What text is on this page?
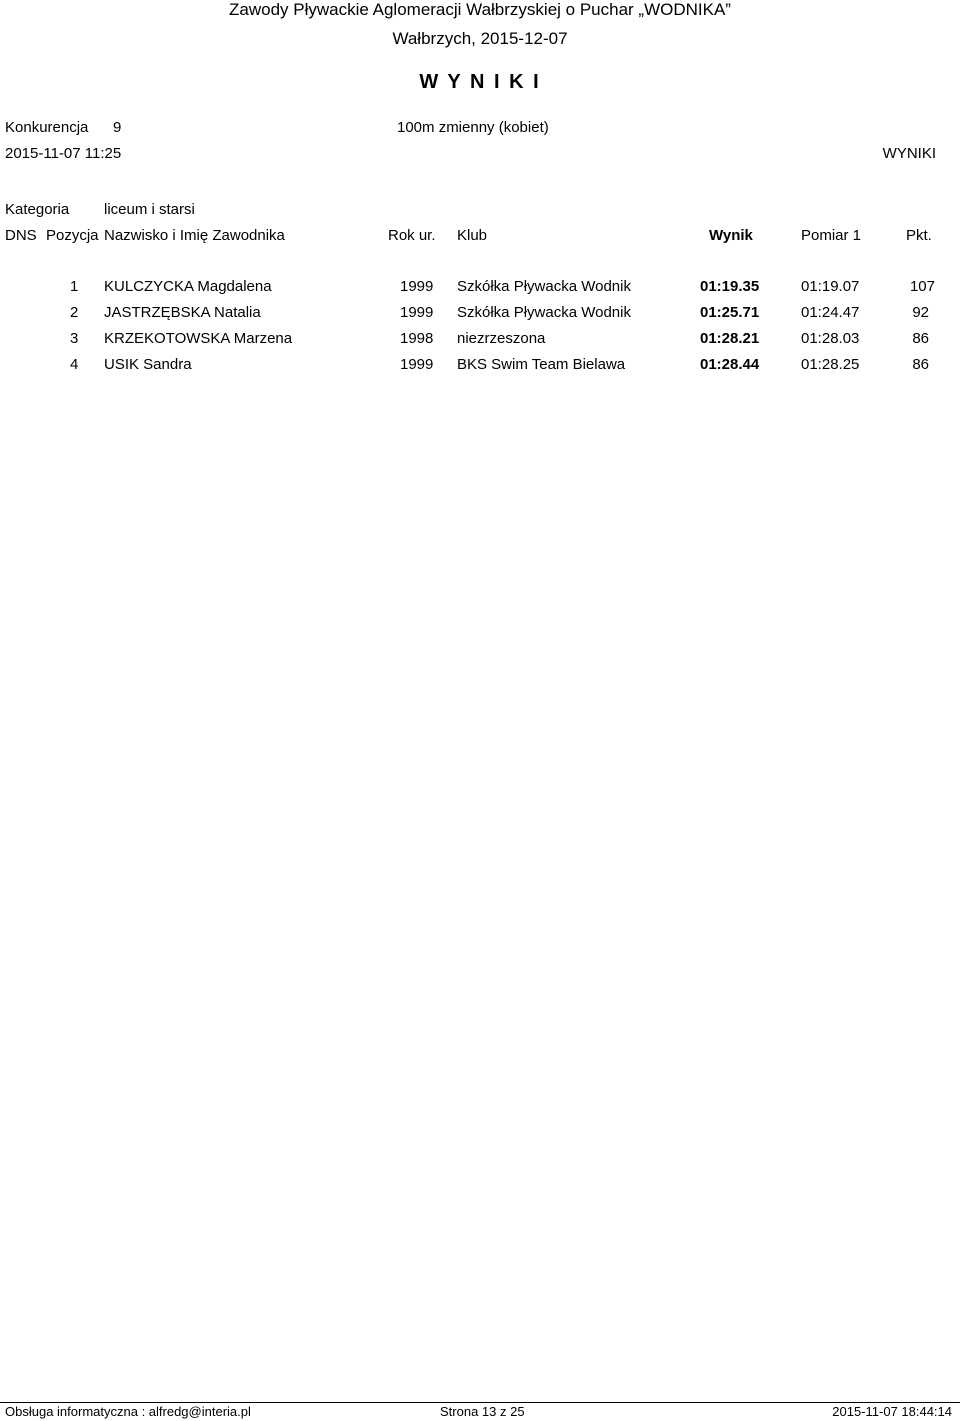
Zawody Pływackie Aglomeracji Wałbrzyskiej o Puchar „WODNIKA”
Wałbrzych, 2015-12-07
W Y N I K I
Konkurencja 9	100m zmienny (kobiet)
2015-11-07 11:25	WYNIKI
Kategoria liceum i starsi
DNS Pozycja Nazwisko i Imię Zawodnika	Rok ur. Klub	Wynik	Pomiar 1	Pkt.
1 KULCZYCKA Magdalena	1999 Szkółka Pływacka Wodnik	01:19.35	01:19.07	107
2 JASTRZĘBSKA Natalia	1999 Szkółka Pływacka Wodnik	01:25.71	01:24.47	92
3 KRZEKOTOWSKA Marzena	1998 niezrzeszona	01:28.21	01:28.03	86
4 USIK Sandra	1999 BKS Swim Team Bielawa	01:28.44	01:28.25	86
Obsługa informatyczna : alfredg@interia.pl	Strona 13 z 25	2015-11-07 18:44:14
